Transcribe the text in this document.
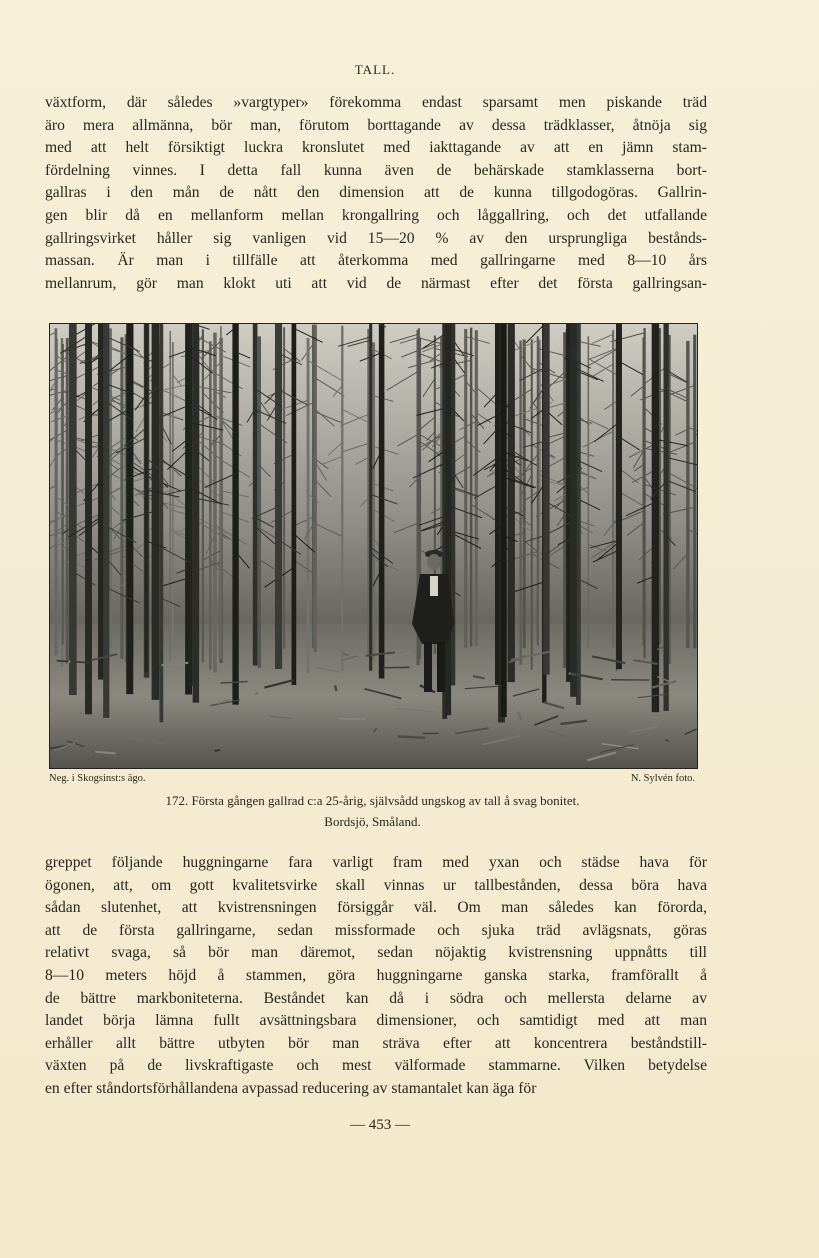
TALL.
växtform, där således »vargtyper» förekomma endast sparsamt men piskande träd
äro mera allmänna, bör man, förutom borttagande av dessa trädklasser, åtnöja sig
med att helt försiktigt luckra kronslutet med iakttagande av att en jämn stam-
fördelning vinnes. I detta fall kunna även de behärskade stamklasserna bort-
gallras i den mån de nått den dimension att de kunna tillgodogöras. Gallrin-
gen blir då en mellanform mellan krongallring och låggallring, och det utfallande
gallringsvirket håller sig vanligen vid 15—20 % av den ursprungliga bestånds-
massan. Är man i tillfälle att återkomma med gallringarne med 8—10 års
mellanrum, gör man klokt uti att vid de närmast efter det första gallringsan-
Neg. i Skogsinst:s ägo.	N. Sylvén foto.
172. Första gången gallrad c:a 25-årig, självsådd ungskog av tall å svag bonitet.
Bordsjö, Småland.
greppet följande huggningarne fara varligt fram med yxan och städse hava för
ögonen, att, om gott kvalitetsvirke skall vinnas ur tallbestånden, dessa böra hava
sådan slutenhet, att kvistrensningen försiggår väl. Om man således kan förorda,
att de första gallringarne, sedan missformade och sjuka träd avlägsnats, göras
relativt svaga, så bör man däremot, sedan nöjaktig kvistrensning uppnåtts till
8—10 meters höjd å stammen, göra huggningarne ganska starka, framförallt å
de bättre markboniteterna. Beståndet kan då i södra och mellersta delarne av
landet börja lämna fullt avsättningsbara dimensioner, och samtidigt med att man
erhåller allt bättre utbyten bör man sträva efter att koncentrera beståndstill-
växten på de livskraftigaste och mest välformade stammarne. Vilken betydelse
en efter ståndortsförhållandena avpassad reducering av stamantalet kan äga för
— 453 —
